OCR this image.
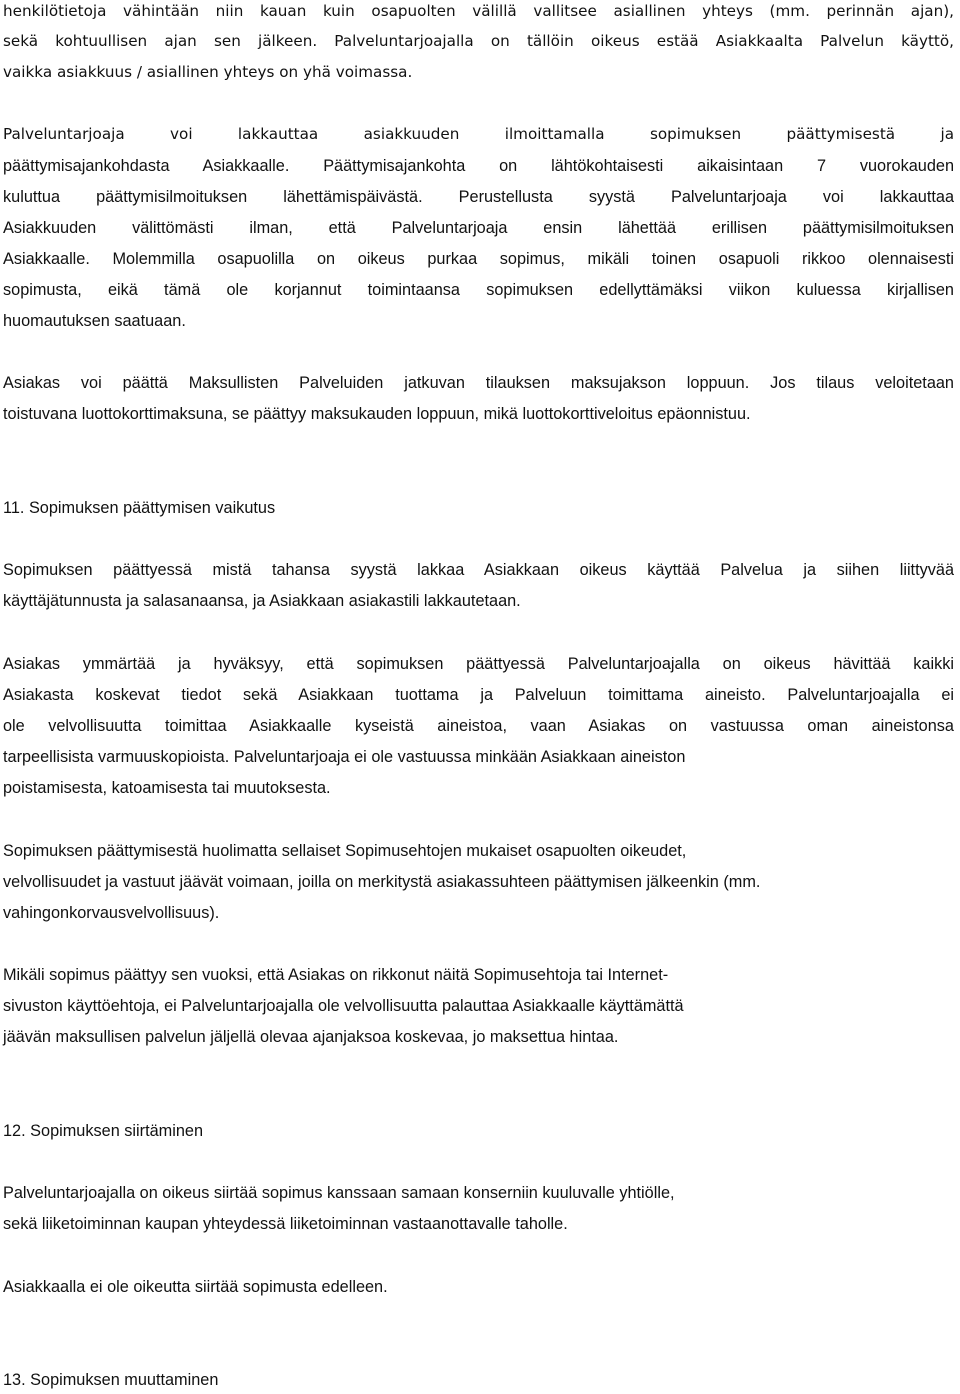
henkilötietoja vähintään niin kauan kuin osapuolten välillä vallitsee asiallinen yhteys (mm. perinnän ajan),
sekä kohtuullisen ajan sen jälkeen. Palveluntarjoajalla on tällöin oikeus estää Asiakkaalta Palvelun käyttö,
vaikka asiakkuus / asiallinen yhteys on yhä voimassa.
Palveluntarjoaja voi lakkauttaa asiakkuuden ilmoittamalla sopimuksen päättymisestä ja
päättymisajankohdasta Asiakkaalle. Päättymisajankohta on lähtökohtaisesti aikaisintaan 7 vuorokauden
kuluttua päättymisilmoituksen lähettämispäivästä. Perustellusta syystä Palveluntarjoaja voi lakkauttaa
Asiakkuuden välittömästi ilman, että Palveluntarjoaja ensin lähettää erillisen päättymisilmoituksen
Asiakkaalle. Molemmilla osapuolilla on oikeus purkaa sopimus, mikäli toinen osapuoli rikkoo olennaisesti
sopimusta, eikä tämä ole korjannut toimintaansa sopimuksen edellyttämäksi viikon kuluessa kirjallisen
huomautuksen saatuaan.
Asiakas voi päättä Maksullisten Palveluiden jatkuvan tilauksen maksujakson loppuun. Jos tilaus veloitetaan
toistuvana luottokorttimaksuna, se päättyy maksukauden loppuun, mikä luottokorttiveloitus epäonnistuu.
11. Sopimuksen päättymisen vaikutus
Sopimuksen päättyessä mistä tahansa syystä lakkaa Asiakkaan oikeus käyttää Palvelua ja siihen liittyvää
käyttäjätunnusta ja salasanaansa, ja Asiakkaan asiakastili lakkautetaan.
Asiakas ymmärtää ja hyväksyy, että sopimuksen päättyessä Palveluntarjoajalla on oikeus hävittää kaikki
Asiakasta koskevat tiedot sekä Asiakkaan tuottama ja Palveluun toimittama aineisto. Palveluntarjoajalla ei
ole velvollisuutta toimittaa Asiakkaalle kyseistä aineistoa, vaan Asiakas on vastuussa oman aineistonsa
tarpeellisista varmuuskopioista. Palveluntarjoaja ei ole vastuussa minkään Asiakkaan aineiston
poistamisesta, katoamisesta tai muutoksesta.
Sopimuksen päättymisestä huolimatta sellaiset Sopimusehtojen mukaiset osapuolten oikeudet,
velvollisuudet ja vastuut jäävät voimaan, joilla on merkitystä asiakassuhteen päättymisen jälkeenkin (mm.
vahingonkorvausvelvollisuus).
Mikäli sopimus päättyy sen vuoksi, että Asiakas on rikkonut näitä Sopimusehtoja tai Internet-
sivuston käyttöehtoja, ei Palveluntarjoajalla ole velvollisuutta palauttaa Asiakkaalle käyttämättä
jäävän maksullisen palvelun jäljellä olevaa ajanjaksoa koskevaa, jo maksettua hintaa.
12. Sopimuksen siirtäminen
Palveluntarjoajalla on oikeus siirtää sopimus kanssaan samaan konserniin kuuluvalle yhtiölle,
sekä liiketoiminnan kaupan yhteydessä liiketoiminnan vastaanottavalle taholle.
Asiakkaalla ei ole oikeutta siirtää sopimusta edelleen.
13. Sopimuksen muuttaminen
